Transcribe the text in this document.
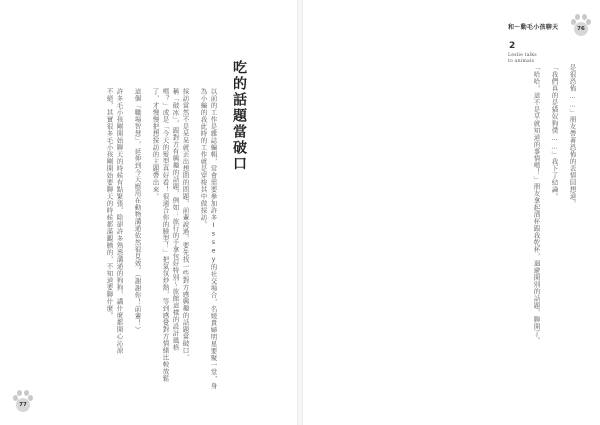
吃的話題當破口
以前的工作是雜誌編輯，常會需要參加許多Issey的社交場合，名媛貴婦明星要聚一堂，身
為小編的我此時的工作就是穿梭其中做採訪。
採訪當然不是呆呆就丟出想問的問題，前輩說過，要先找一些對方感興趣的話題當破口，
稱「破冰」，跟對方有興趣的話題，例如：旅行的手拿包好特別～旅館這樣的設計風格
嗎？」或是「今天的髮型真好看！很適合你的臉型！」把氣氛炒熱，等到感覺對方情緒比較放鬆
了，才慢慢把想採訪的主題帶出來。
這個「職場智慧」，延伸到今天應用在動物溝通依然很見效。（謝謝你！前輩！）
許多毛小孩剛開始聊天的時候有點緊張，除卻許多熟悉溝通的狗狗，講什麼都開心沁涼
不絕，其實很多毛小孩剛開始要聊天的時候都滿靦腆的，不知道要聊什麼。
77
是很恐怖……」朋友帶著恐怖的表情回想道。
「我們真的是貓奴狗僕……」我下了結論。
「哈哈，這不是早就知道的事情嗎！」朋友拿起酒杯跟我乾杯，迴避開別的話題，聊開了。
和～動毛小孩聊天2
Leslie talks
to animals
76
